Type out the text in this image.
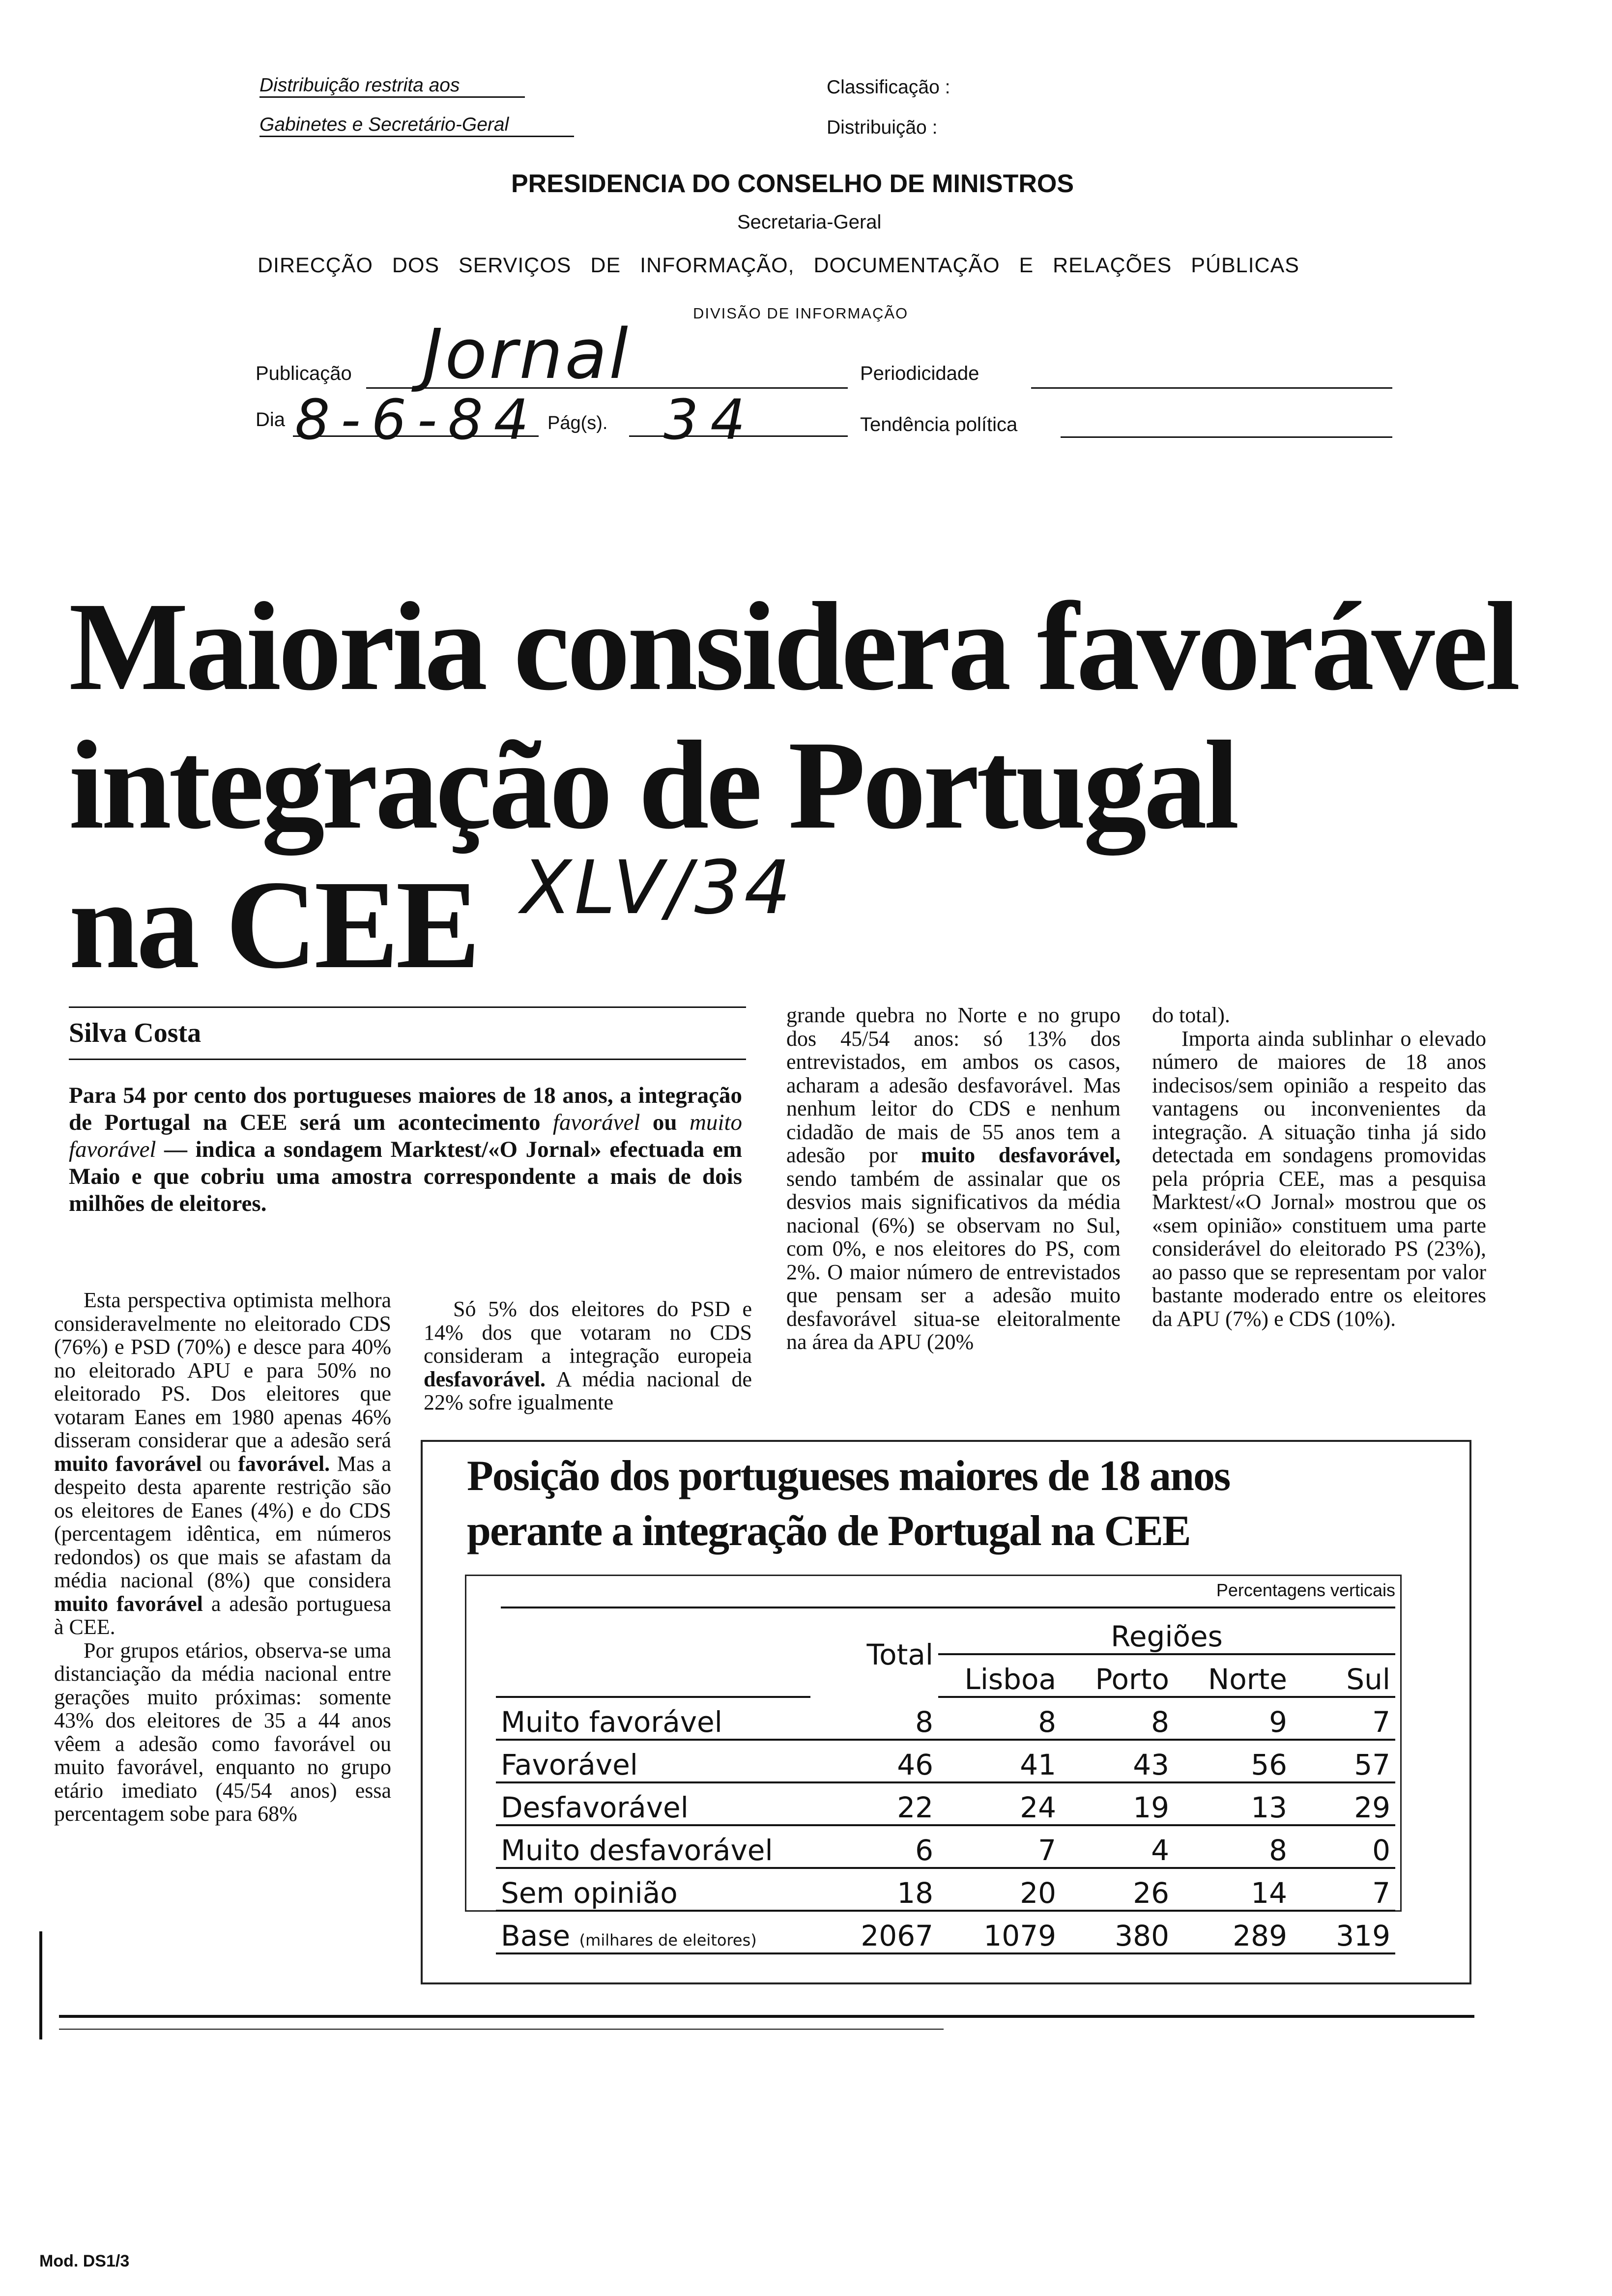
Distribuição restrita aos
Gabinetes e Secretário-Geral
Classificação :
Distribuição :
PRESIDENCIA DO CONSELHO DE MINISTROS
Secretaria-Geral
DIRECÇÃO DOS SERVIÇOS DE INFORMAÇÃO, DOCUMENTAÇÃO E RELAÇÕES PÚBLICAS
DIVISÃO DE INFORMAÇÃO
Publicação Jornal	Periodicidade
Dia 8-6-84 Pág(s). 34	Tendência política
Maioria considera favorável
integração de Portugal
na CEE XLV/34
Silva Costa
Para 54 por cento dos portugueses maiores de 18 anos, a integração de Portugal na CEE será um acontecimento favorável ou muito favorável — indica a sondagem Marktest/«O Jornal» efectuada em Maio e que cobriu uma amostra correspondente a mais de dois milhões de eleitores.

Esta perspectiva optimista melhora consideravelmente no eleitorado CDS (76%) e PSD (70%) e desce para 40% no eleitorado APU e para 50% no eleitorado PS. Dos eleitores que votaram Eanes em 1980 apenas 46% disseram considerar que a adesão será muito favorável ou favorável. Mas a despeito desta aparente restrição são os eleitores de Eanes (4%) e do CDS (percentagem idêntica, em números redondos) os que mais se afastam da média nacional (8%) que considera muito favorável a adesão portuguesa à CEE.

Por grupos etários, observa-se uma distanciação da média nacional entre gerações muito próximas: somente 43% dos eleitores de 35 a 44 anos vêem a adesão como favorável ou muito favorável, enquanto no grupo etário imediato (45/54 anos) essa percentagem sobe para 68%

Só 5% dos eleitores do PSD e 14% dos que votaram no CDS consideram a integração europeia desfavorável. A média nacional de 22% sofre igualmente

grande quebra no Norte e no grupo dos 45/54 anos: só 13% dos entrevistados, em ambos os casos, acharam a adesão desfavorável. Mas nenhum leitor do CDS e nenhum cidadão de mais de 55 anos tem a adesão por muito desfavorável, sendo também de assinalar que os desvios mais significativos da média nacional (6%) se observam no Sul, com 0%, e nos eleitores do PS, com 2%. O maior número de entrevistados que pensam ser a adesão muito desfavorável situa-se eleitoralmente na área da APU (20%

do total).

Importa ainda sublinhar o elevado número de maiores de 18 anos indecisos/sem opinião a respeito das vantagens ou inconvenientes da integração. A situação tinha já sido detectada em sondagens promovidas pela própria CEE, mas a pesquisa Marktest/«O Jornal» mostrou que os «sem opinião» constituem uma parte considerável do eleitorado PS (23%), ao passo que se representam por valor bastante moderado entre os eleitores da APU (7%) e CDS (10%).

Posição dos portugueses maiores de 18 anos
perante a integração de Portugal na CEE
Percentagens verticais
	Total	Regiões			
		Lisboa	Porto	Norte	Sul
Muito favorável	8	8	8	9	7
Favorável	46	41	43	56	57
Desfavorável	22	24	19	13	29
Muito desfavorável	6	7	4	8	0
Sem opinião	18	20	26	14	7
Base (milhares de eleitores)	2067	1079	380	289	319
Mod. DS1/3
